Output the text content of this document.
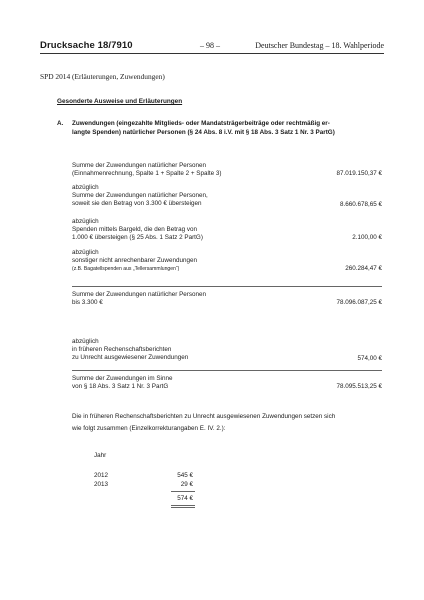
Drucksache 18/7910	– 98 –	Deutscher Bundestag – 18. Wahlperiode
SPD 2014 (Erläuterungen, Zuwendungen)
Gesonderte Ausweise und Erläuterungen
A. Zuwendungen (eingezahlte Mitglieds- oder Mandatsträgerbeiträge oder rechtmäßig er-
langte Spenden) natürlicher Personen (§ 24 Abs. 8 i.V. mit § 18 Abs. 3 Satz 1 Nr. 3 PartG)
Summe der Zuwendungen natürlicher Personen
(Einnahmenrechnung, Spalte 1 + Spalte 2 + Spalte 3)	87.019.150,37 €
abzüglich
Summe der Zuwendungen natürlicher Personen,
soweit sie den Betrag von 3.300 € übersteigen	8.660.678,65 €
abzüglich
Spenden mittels Bargeld, die den Betrag von
1.000 € übersteigen (§ 25 Abs. 1 Satz 2 PartG)	2.100,00 €
abzüglich
sonstiger nicht anrechenbarer Zuwendungen
(z.B. Bagatellspenden aus „Tellersammlungen“)	260.284,47 €
Summe der Zuwendungen natürlicher Personen
bis 3.300 €	78.096.087,25 €
abzüglich
in früheren Rechenschaftsberichten
zu Unrecht ausgewiesener Zuwendungen	574,00 €
Summe der Zuwendungen im Sinne
von § 18 Abs. 3 Satz 1 Nr. 3 PartG	78.095.513,25 €
Die in früheren Rechenschaftsberichten zu Unrecht ausgewiesenen Zuwendungen setzen sich
wie folgt zusammen (Einzelkorrekturangaben E. IV. 2.):
Jahr
2012	545 €
2013	29 €
574 €
